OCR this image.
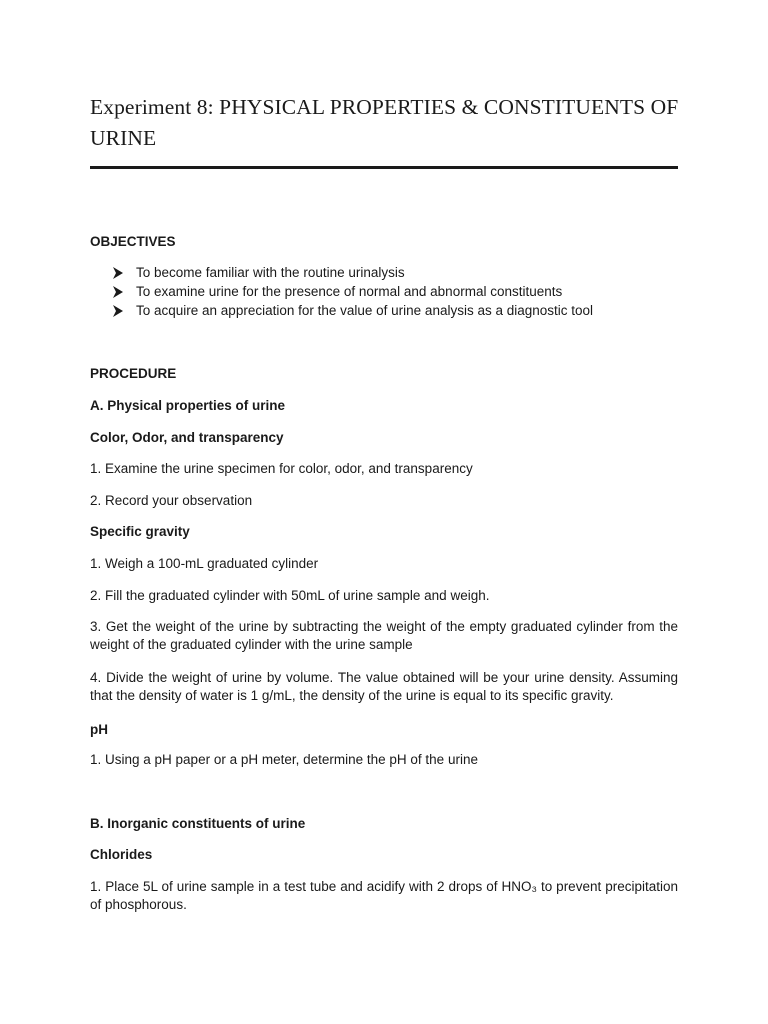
Experiment 8: PHYSICAL PROPERTIES & CONSTITUENTS OF URINE
OBJECTIVES
To become familiar with the routine urinalysis
To examine urine for the presence of normal and abnormal constituents
To acquire an appreciation for the value of urine analysis as a diagnostic tool
PROCEDURE
A. Physical properties of urine
Color, Odor, and transparency
1. Examine the urine specimen for color, odor, and transparency
2. Record your observation
Specific gravity
1. Weigh a 100-mL graduated cylinder
2. Fill the graduated cylinder with 50mL of urine sample and weigh.
3. Get the weight of the urine by subtracting the weight of the empty graduated cylinder from the weight of the graduated cylinder with the urine sample
4. Divide the weight of urine by volume. The value obtained will be your urine density. Assuming that the density of water is 1 g/mL, the density of the urine is equal to its specific gravity.
pH
1. Using a pH paper or a pH meter, determine the pH of the urine
B. Inorganic constituents of urine
Chlorides
1. Place 5L of urine sample in a test tube and acidify with 2 drops of HNO₃ to prevent precipitation of phosphorous.
